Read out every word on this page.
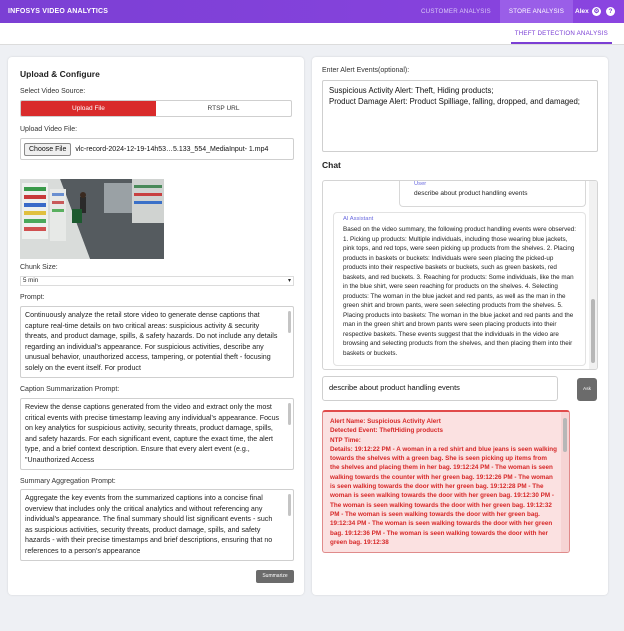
INFOSYS VIDEO ANALYTICS	CUSTOMER ANALYSIS	STORE ANALYSIS	Alex ⚙	?
THEFT DETECTION ANALYSIS
Upload & Configure
Select Video Source:
Upload File	RTSP URL
Upload Video File:
Choose File	vlc-record-2024-12-19-14h53…5.133_554_MediaInput- 1.mp4
Chunk Size:
5 min	▾
Prompt:
Continuously analyze the retail store video to generate dense captions that capture real-time details on two critical areas: suspicious activity & security threats, and product damage, spills, & safety hazards. Do not include any details regarding an individual's appearance. For suspicious activities, describe any unusual behavior, unauthorized access, tampering, or potential theft - focusing solely on the event itself. For product
Caption Summarization Prompt:
Review the dense captions generated from the video and extract only the most critical events with precise timestamp leaving any individual's appearance. Focus on key analytics for suspicious activity, security threats, product damage, spills, and safety hazards. For each significant event, capture the exact time, the alert type, and a brief context description. Ensure that every alert event (e.g., "Unauthorized Access
Summary Aggregation Prompt:
Aggregate the key events from the summarized captions into a concise final overview that includes only the critical analytics and without referencing any individual's appearance. The final summary should list significant events - such as suspicious activities, security threats, product damage, spills, and safety hazards - with their precise timestamps and brief descriptions, ensuring that no references to a person's appearance
Summarize
Enter Alert Events(optional):
Suspicious Activity Alert: Theft, Hiding products;
Product Damage Alert: Product Spilliage, falling, dropped, and damaged;
Chat
User
describe about product handling events
AI Assistant
Based on the video summary, the following product handling events were observed: 1. Picking up products: Multiple individuals, including those wearing blue jackets, pink tops, and red tops, were seen picking up products from the shelves. 2. Placing products in baskets or buckets: Individuals were seen placing the picked-up products into their respective baskets or buckets, such as green baskets, red baskets, and red buckets. 3. Reaching for products: Some individuals, like the man in the blue shirt, were seen reaching for products on the shelves. 4. Selecting products: The woman in the blue jacket and red pants, as well as the man in the green shirt and brown pants, were seen selecting products from the shelves. 5. Placing products into baskets: The woman in the blue jacket and red pants and the man in the green shirt and brown pants were seen placing products into their respective baskets. These events suggest that the individuals in the video are browsing and selecting products from the shelves, and then placing them into their baskets or buckets.
describe about product handling events	Ask
Alert Name: Suspicious Activity Alert
Detected Event: TheftHiding products
NTP Time:
Details: 19:12:22 PM - A woman in a red shirt and blue jeans is seen walking towards the shelves with a green bag. She is seen picking up items from the shelves and placing them in her bag. 19:12:24 PM - The woman is seen walking towards the counter with her green bag. 19:12:26 PM - The woman is seen walking towards the door with her green bag. 19:12:28 PM - The woman is seen walking towards the door with her green bag. 19:12:30 PM - The woman is seen walking towards the door with her green bag. 19:12:32 PM - The woman is seen walking towards the door with her green bag. 19:12:34 PM - The woman is seen walking towards the door with her green bag. 19:12:36 PM - The woman is seen walking towards the door with her green bag. 19:12:38
